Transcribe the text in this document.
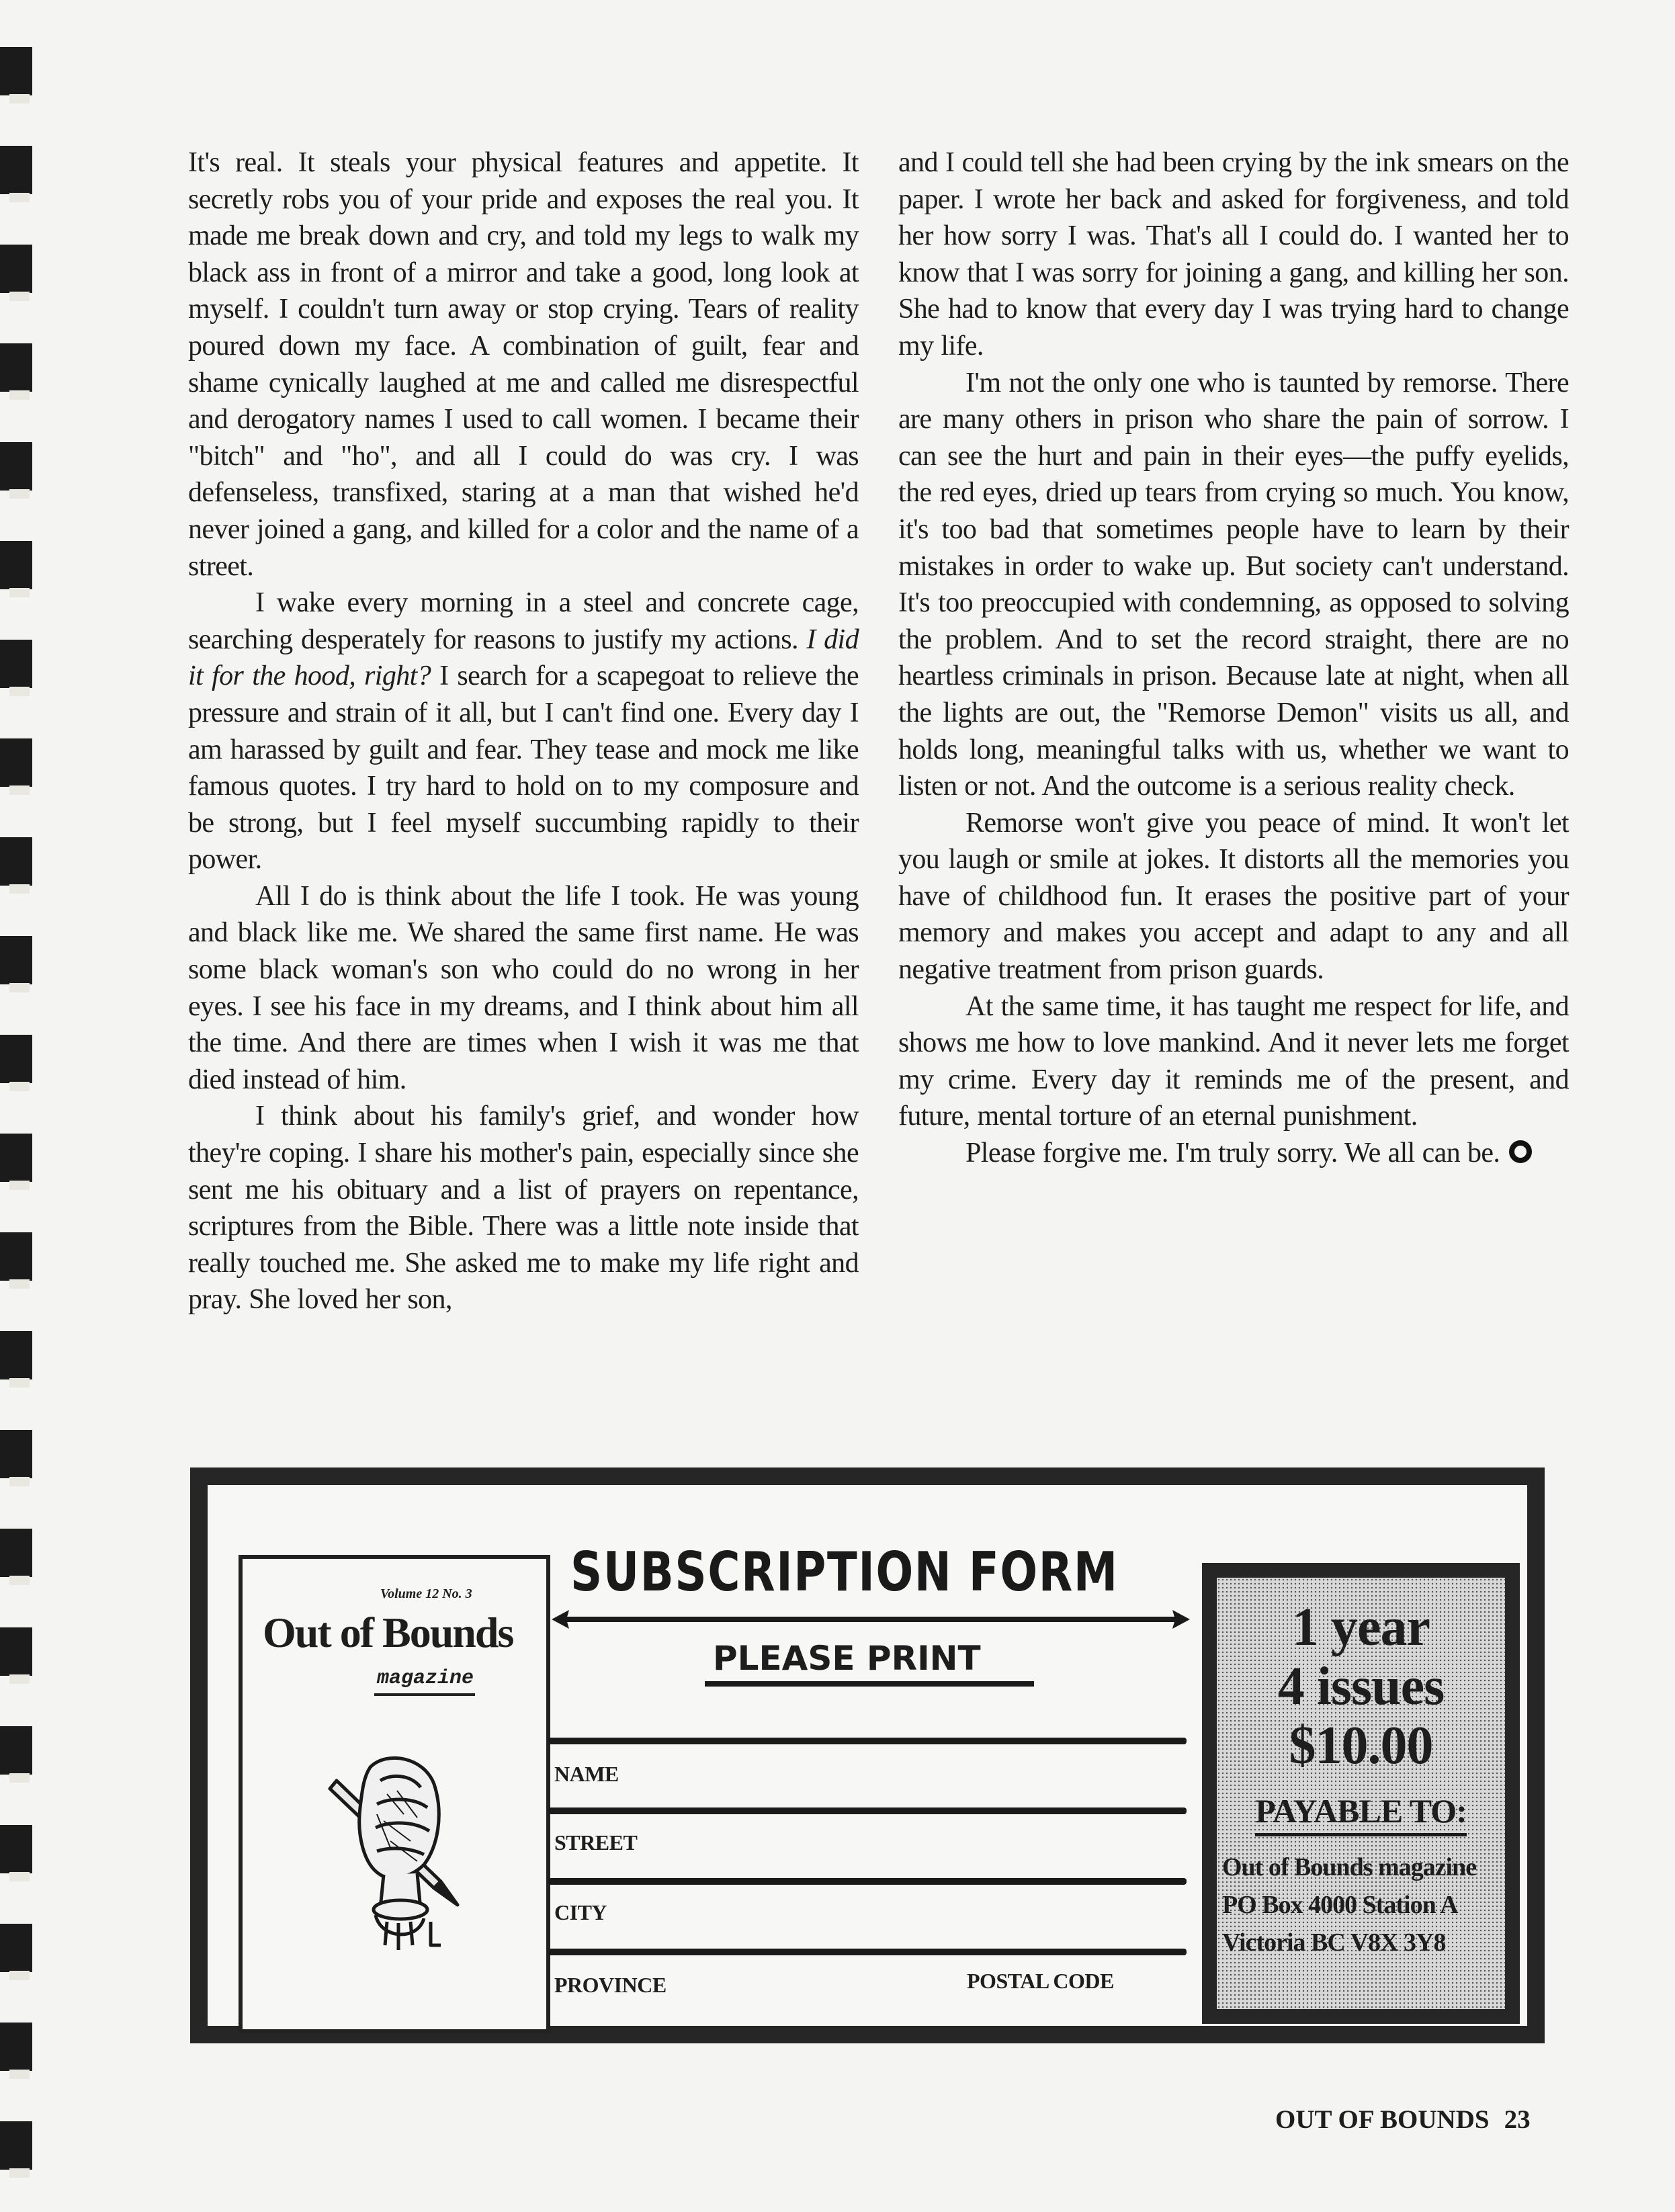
It's real. It steals your physical features and appetite. It secretly robs you of your pride and exposes the real you. It made me break down and cry, and told my legs to walk my black ass in front of a mirror and take a good, long look at myself. I couldn't turn away or stop crying. Tears of reality poured down my face. A combination of guilt, fear and shame cynically laughed at me and called me disrespectful and derogatory names I used to call women. I became their "bitch" and "ho", and all I could do was cry. I was defenseless, transfixed, staring at a man that wished he'd never joined a gang, and killed for a color and the name of a street.

I wake every morning in a steel and concrete cage, searching desperately for reasons to justify my actions. I did it for the hood, right? I search for a scapegoat to relieve the pressure and strain of it all, but I can't find one. Every day I am harassed by guilt and fear. They tease and mock me like famous quotes. I try hard to hold on to my composure and be strong, but I feel myself succumbing rapidly to their power.

All I do is think about the life I took. He was young and black like me. We shared the same first name. He was some black woman's son who could do no wrong in her eyes. I see his face in my dreams, and I think about him all the time. And there are times when I wish it was me that died instead of him.

I think about his family's grief, and wonder how they're coping. I share his mother's pain, especially since she sent me his obituary and a list of prayers on repentance, scriptures from the Bible. There was a little note inside that really touched me. She asked me to make my life right and pray. She loved her son,

and I could tell she had been crying by the ink smears on the paper. I wrote her back and asked for forgiveness, and told her how sorry I was. That's all I could do. I wanted her to know that I was sorry for joining a gang, and killing her son. She had to know that every day I was trying hard to change my life.

I'm not the only one who is taunted by remorse. There are many others in prison who share the pain of sorrow. I can see the hurt and pain in their eyes—the puffy eyelids, the red eyes, dried up tears from crying so much. You know, it's too bad that sometimes people have to learn by their mistakes in order to wake up. But society can't understand. It's too preoccupied with condemning, as opposed to solving the problem. And to set the record straight, there are no heartless criminals in prison. Because late at night, when all the lights are out, the "Remorse Demon" visits us all, and holds long, meaningful talks with us, whether we want to listen or not. And the outcome is a serious reality check.

Remorse won't give you peace of mind. It won't let you laugh or smile at jokes. It distorts all the memories you have of childhood fun. It erases the positive part of your memory and makes you accept and adapt to any and all negative treatment from prison guards.

At the same time, it has taught me respect for life, and shows me how to love mankind. And it never lets me forget my crime. Every day it reminds me of the present, and future, mental torture of an eternal punishment.

Please forgive me. I'm truly sorry. We all can be.

Volume 12 No. 3
Out of Bounds
magazine
SUBSCRIPTION FORM
PLEASE PRINT
NAME
STREET
CITY
PROVINCE	POSTAL CODE
1 year
4 issues
$10.00
PAYABLE TO:
Out of Bounds magazine
PO Box 4000 Station A
Victoria BC V8X 3Y8
OUT OF BOUNDS 23
